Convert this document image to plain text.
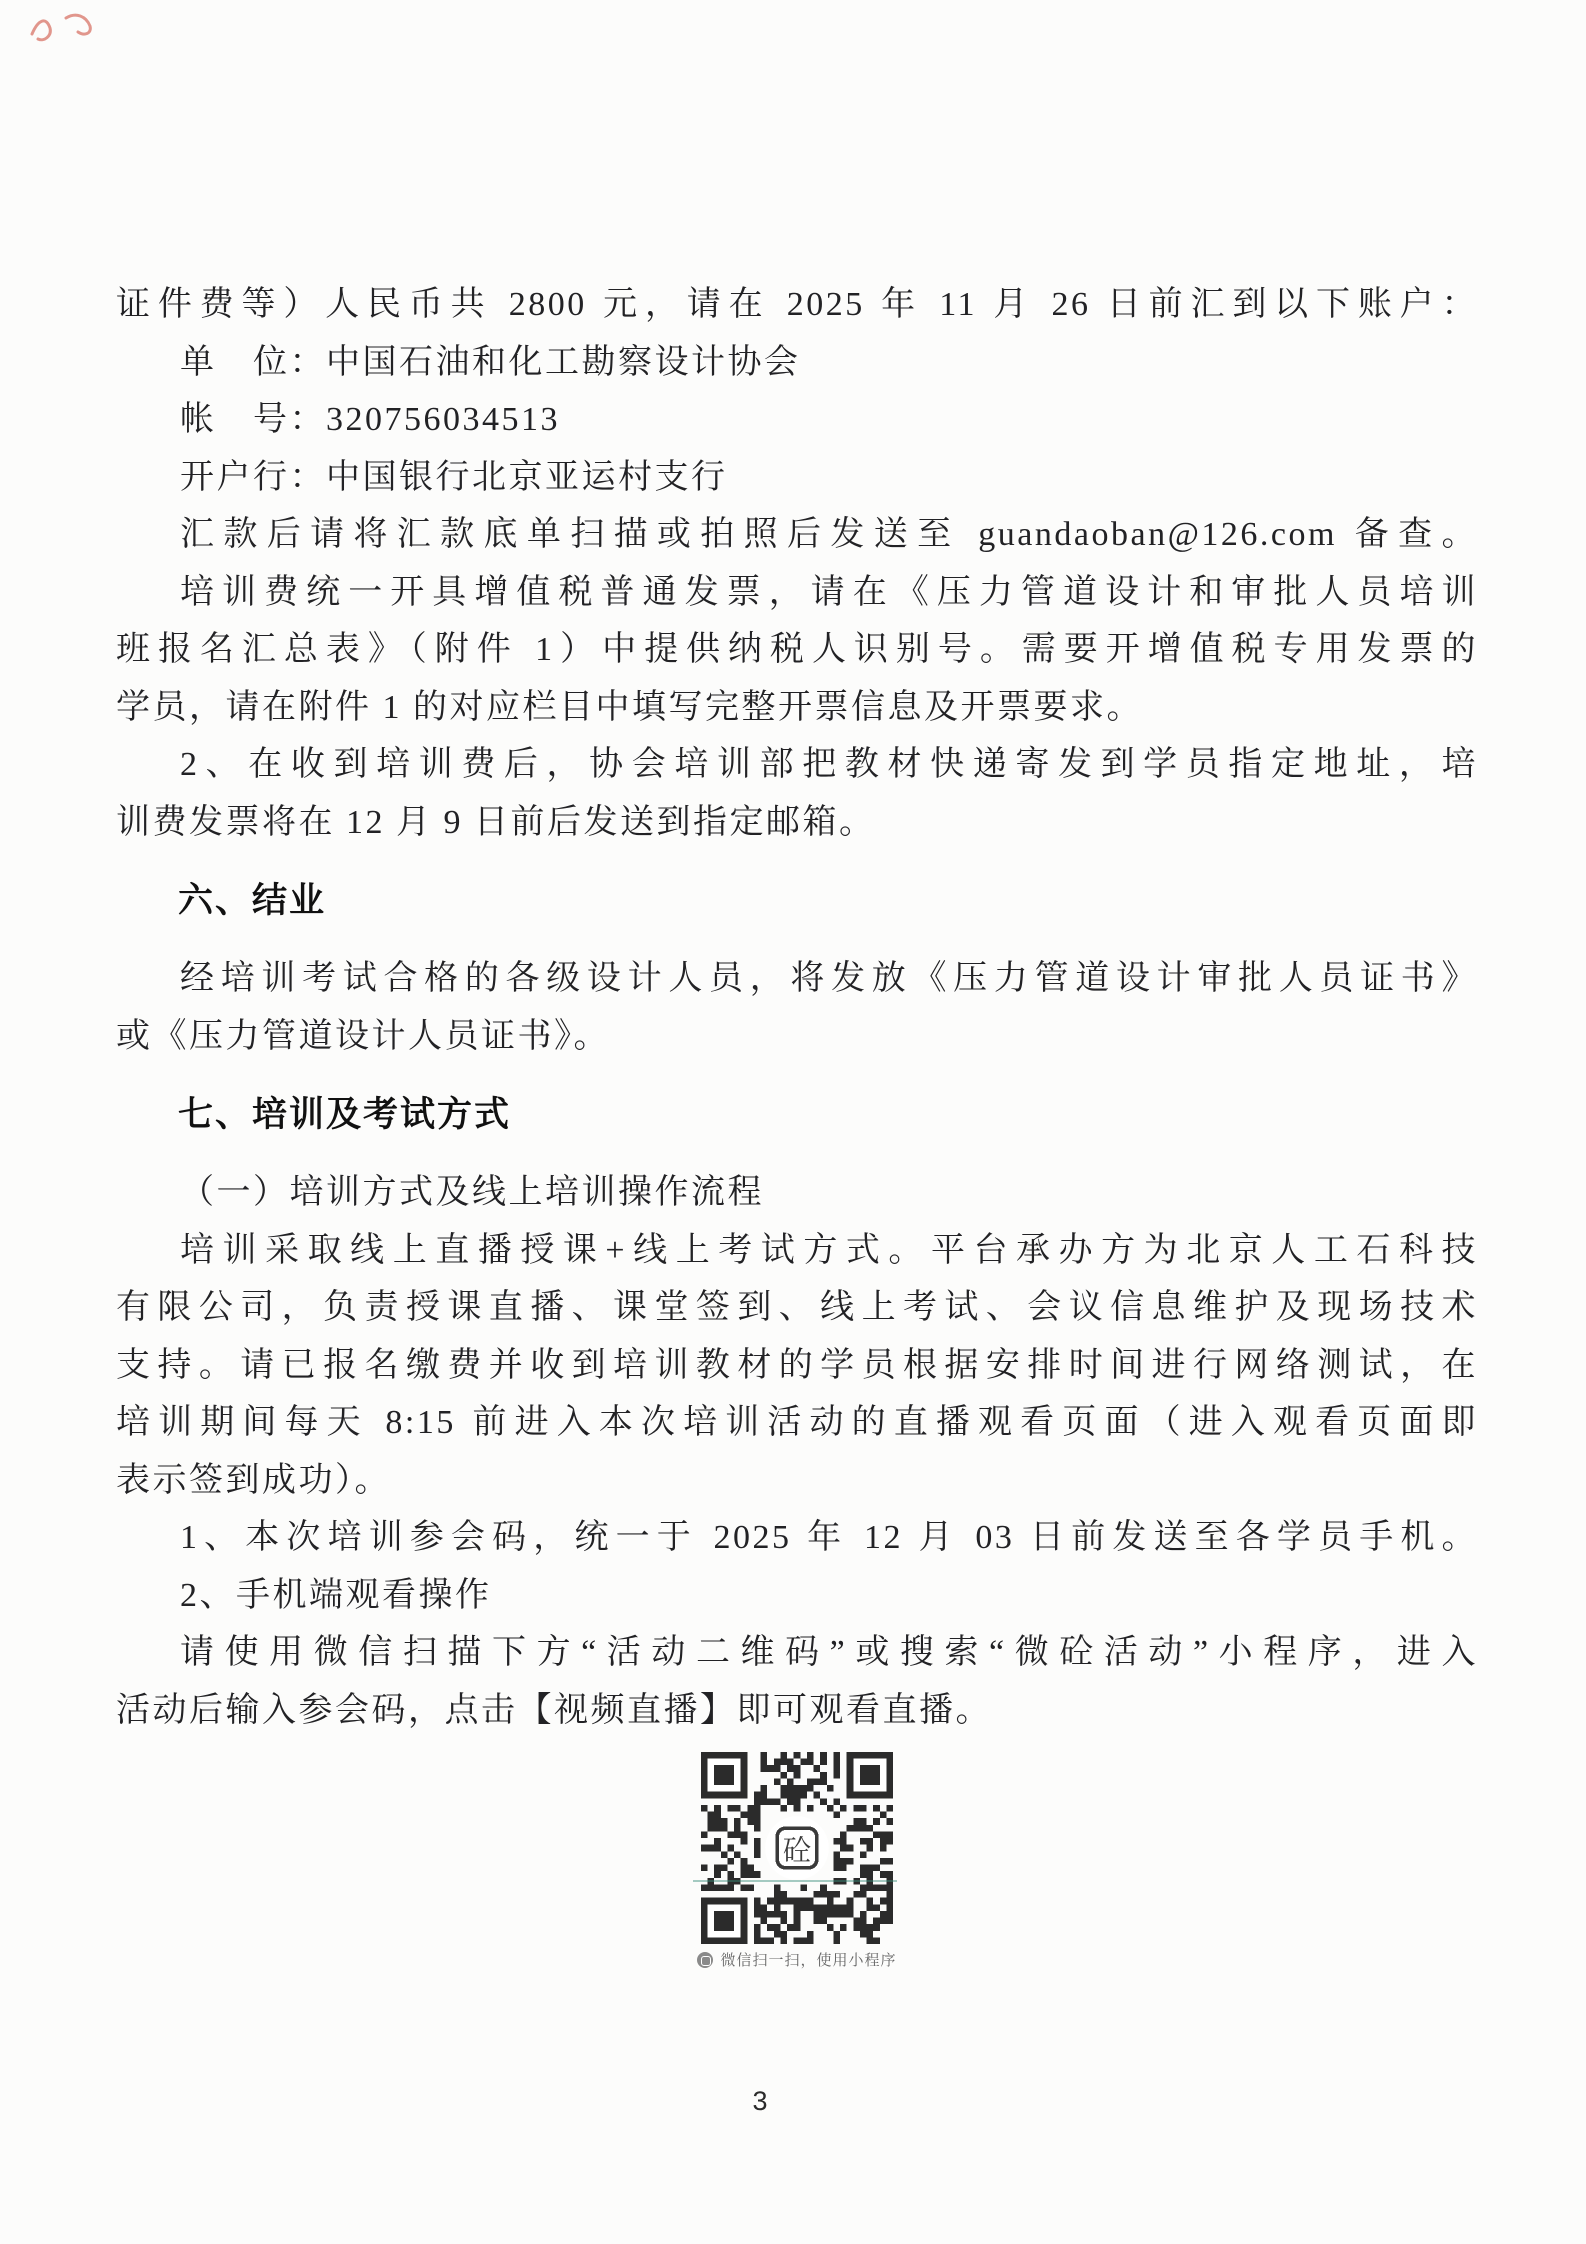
证件费等）人民币共 2800 元，请在 2025 年 11 月 26 日前汇到以下账户：
单　位：中国石油和化工勘察设计协会
帐　号：320756034513
开户行：中国银行北京亚运村支行
汇款后请将汇款底单扫描或拍照后发送至 guandaoban@126.com 备查。
培训费统一开具增值税普通发票，请在《压力管道设计和审批人员培训
班报名汇总表》（附件 1）中提供纳税人识别号。需要开增值税专用发票的
学员，请在附件 1 的对应栏目中填写完整开票信息及开票要求。
2、在收到培训费后，协会培训部把教材快递寄发到学员指定地址，培
训费发票将在 12 月 9 日前后发送到指定邮箱。
六、结业
经培训考试合格的各级设计人员，将发放《压力管道设计审批人员证书》
或《压力管道设计人员证书》。
七、培训及考试方式
（一）培训方式及线上培训操作流程
培训采取线上直播授课+线上考试方式。平台承办方为北京人工石科技
有限公司，负责授课直播、课堂签到、线上考试、会议信息维护及现场技术
支持。请已报名缴费并收到培训教材的学员根据安排时间进行网络测试，在
培训期间每天 8:15 前进入本次培训活动的直播观看页面（进入观看页面即
表示签到成功）。
1、本次培训参会码，统一于 2025 年 12 月 03 日前发送至各学员手机。
2、手机端观看操作
请使用微信扫描下方“活动二维码”或搜索“微砼活动”小程序，进入
活动后输入参会码，点击【视频直播】即可观看直播。
砼
微信扫一扫，使用小程序
3
